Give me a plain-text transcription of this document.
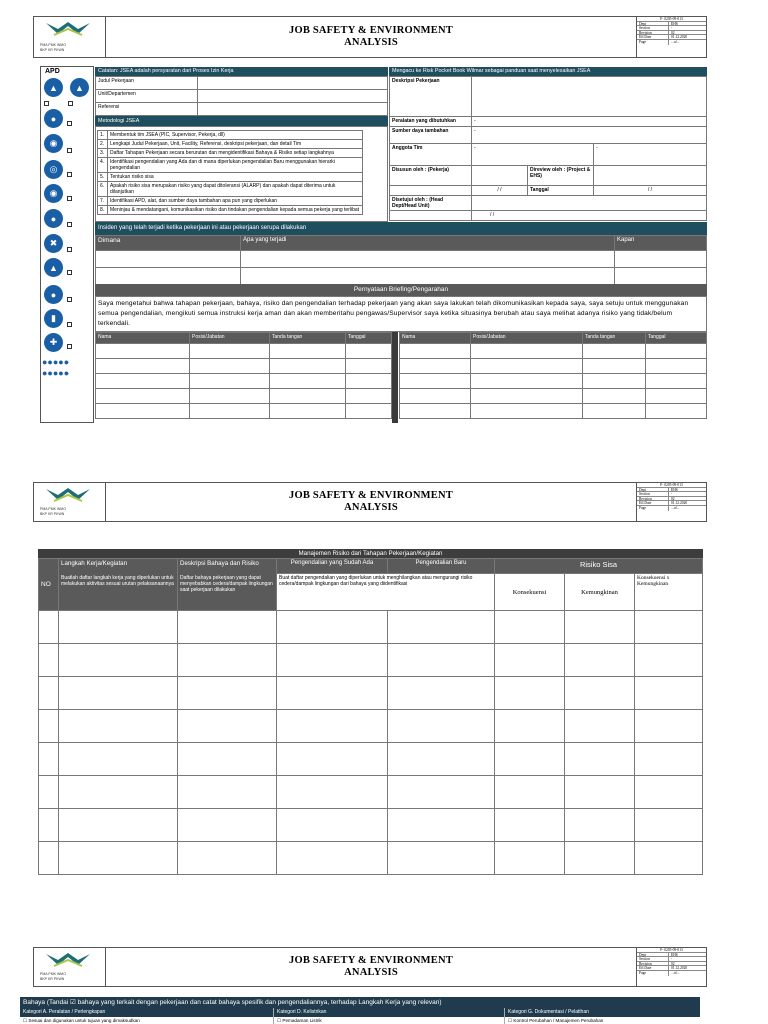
PMA PMK WMO
BKP KR PKWN
JOB SAFETY & ENVIRONMENT
ANALYSIS
F- 0205-09-013
Dept	EHS
Section	-
Revision	02
Eff.Date	01.12.2020
Page	...of...
APD
▲	▲
●
◉
◎
◉
●
✖
▲
●
▮
✚
●●●●●
●●●●●
Catatan: JSEA adalah persyaratan dari Proses Izin Kerja	Mengacu ke Risk Pocket Book Wilmar sebagai panduan saat menyelesaikan JSEA
Judul Pekerjaan	
Unit/Departemen	
Referensi	
Metodologi JSEA
1.	Membentuk tim JSEA (PIC, Supervisor, Pekerja, dll)
2.	Lengkapi Judul Pekerjaan, Unit, Facility, Referensi, deskripsi pekerjaan, dan detail Tim
3.	Daftar Tahapan Pekerjaan secara berurutan dan mengidentifikasi Bahaya & Risiko setiap langkahnya
4.	Identifikasi pengendalian yang Ada dan di mana diperlukan pengendalian Baru menggunakan hierarki pengendalian
5.	Tentukan risiko sisa
6.	Apakah risiko sisa merupakan risiko yang dapat ditoleransi (ALARP) dan apakah dapat diterima untuk dilanjutkan
7.	Identifikasi APD, alat, dan sumber daya tambahan apa pun yang diperlukan
8.	Meninjau & mendatangani, komunikasikan risiko dan tindakan pengendalian kepada semua pekerja yang terlibat
Deskripsi Pekerjaan			
Peralatan yang dibutuhkan	-		
Sumber daya tambahan	-		
Anggota Tim	-		-
Disusun oleh : (Pekerja)		Direview oleh : (Project & EHS)	
	/ /	Tanggal	/ /
Disetujui oleh : (Head Dept/Head Unit)			
	/ /		
Insiden yang telah terjadi ketika pekerjaan ini atau pekerjaan serupa dilakukan
Dimana	Apa yang terjadi	Kapan

Pernyataan Briefing/Pengarahan
Saya mengetahui bahwa tahapan pekerjaan, bahaya, risiko dan pengendalian terhadap pekerjaan yang akan saya lakukan telah dikomunikasikan kepada saya, saya setuju untuk menggunakan semua pengendalian, mengikuti semua instruksi kerja aman dan akan memberitahu pengawas/Supervisor saya ketika situasinya berubah atau saya melihat adanya risiko yang tidak/belum terkendali.
Nama	Posisi/Jabatan	Tanda tangan	Tanggal

				Nama	Posisi/Jabatan	Tanda tangan	Tanggal

PMA PMK WMO
BKP KR PKWN
JOB SAFETY & ENVIRONMENT
ANALYSIS
F- 0205-09-013
Dept	EHS
Section	-
Revision	02
Eff.Date	01.12.2020
Page	...of...
Manajemen Risiko dari Tahapan Pekerjaan/Kegiatan
NO	Langkah Kerja/Kegiatan	Deskripsi Bahaya dan Risiko	Pengendalian yang Sudah Ada	Pengendalian Baru	Risiko Sisa		
	Buatlah daftar langkah kerja yang diperlukan untuk melakukan aktivitas sesuai urutan pelaksanaannya	Daftar bahaya pekerjaan yang dapat menyebabkan cedera/dampak lingkungan saat pekerjaan dilakukan	Buat daftar pengendalian yang diperlukan untuk menghilangkan atau mengurangi risiko cedera/dampak lingkungan dari bahaya yang diidentifikasi		Konsekuensi	Kemungkinan	Konsekuensi x Kemungkinan

PMA PMK WMO
BKP KR PKWN
JOB SAFETY & ENVIRONMENT
ANALYSIS
F- 0205-09-013
Dept	EHS
Section	-
Revision	02
Eff.Date	01.12.2020
Page	...of...
Bahaya (Tandai ☑ bahaya yang terkait dengan pekerjaan dan catat bahaya spesifik dan pengendaliannya, terhadap Langkah Kerja yang relevan)
Kategori A. Peralatan / Perlengkapan	Kategori D. Kelistrikan	Kategori G. Dokumentasi / Pelatihan
☐ Sesuai dan digunakan untuk tujuan yang dimaksudkan	☐ Pemadaman Listrik	☐ Kontrol Perubahan / Manajemen Perubahan
